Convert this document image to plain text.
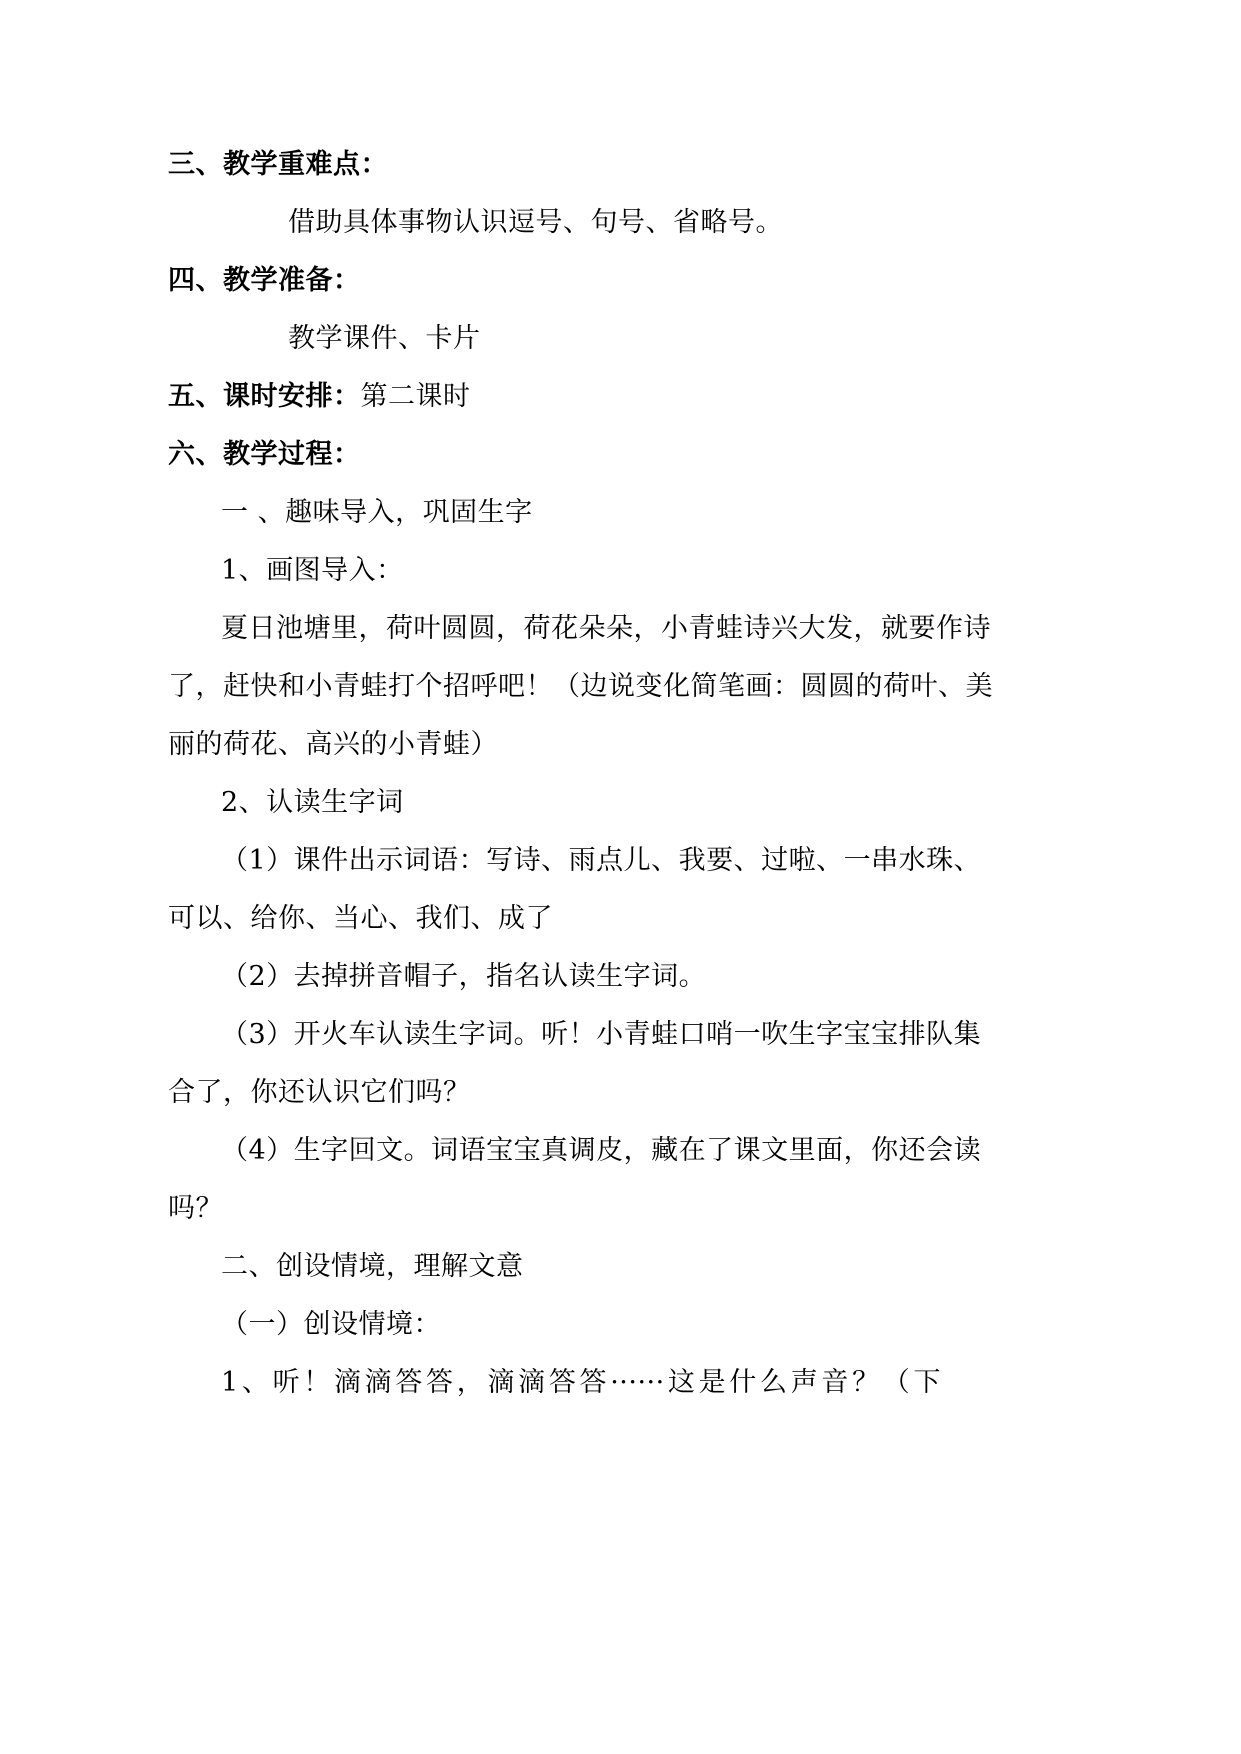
三、教学重难点：
借助具体事物认识逗号、句号、省略号。
四、教学准备：
教学课件、卡片
五、课时安排：第二课时
六、教学过程：
一 、趣味导入，巩固生字
1、画图导入：
夏日池塘里，荷叶圆圆，荷花朵朵，小青蛙诗兴大发，就要作诗
了，赶快和小青蛙打个招呼吧！（边说变化简笔画：圆圆的荷叶、美
丽的荷花、高兴的小青蛙）
2、认读生字词
（1）课件出示词语：写诗、雨点儿、我要、过啦、一串水珠、
可以、给你、当心、我们、成了
（2）去掉拼音帽子，指名认读生字词。
（3）开火车认读生字词。听！小青蛙口哨一吹生字宝宝排队集
合了，你还认识它们吗？
（4）生字回文。词语宝宝真调皮，藏在了课文里面，你还会读
吗？
二、创设情境，理解文意
（一）创设情境：
1、听！滴滴答答，滴滴答答······这是什么声音？（下
